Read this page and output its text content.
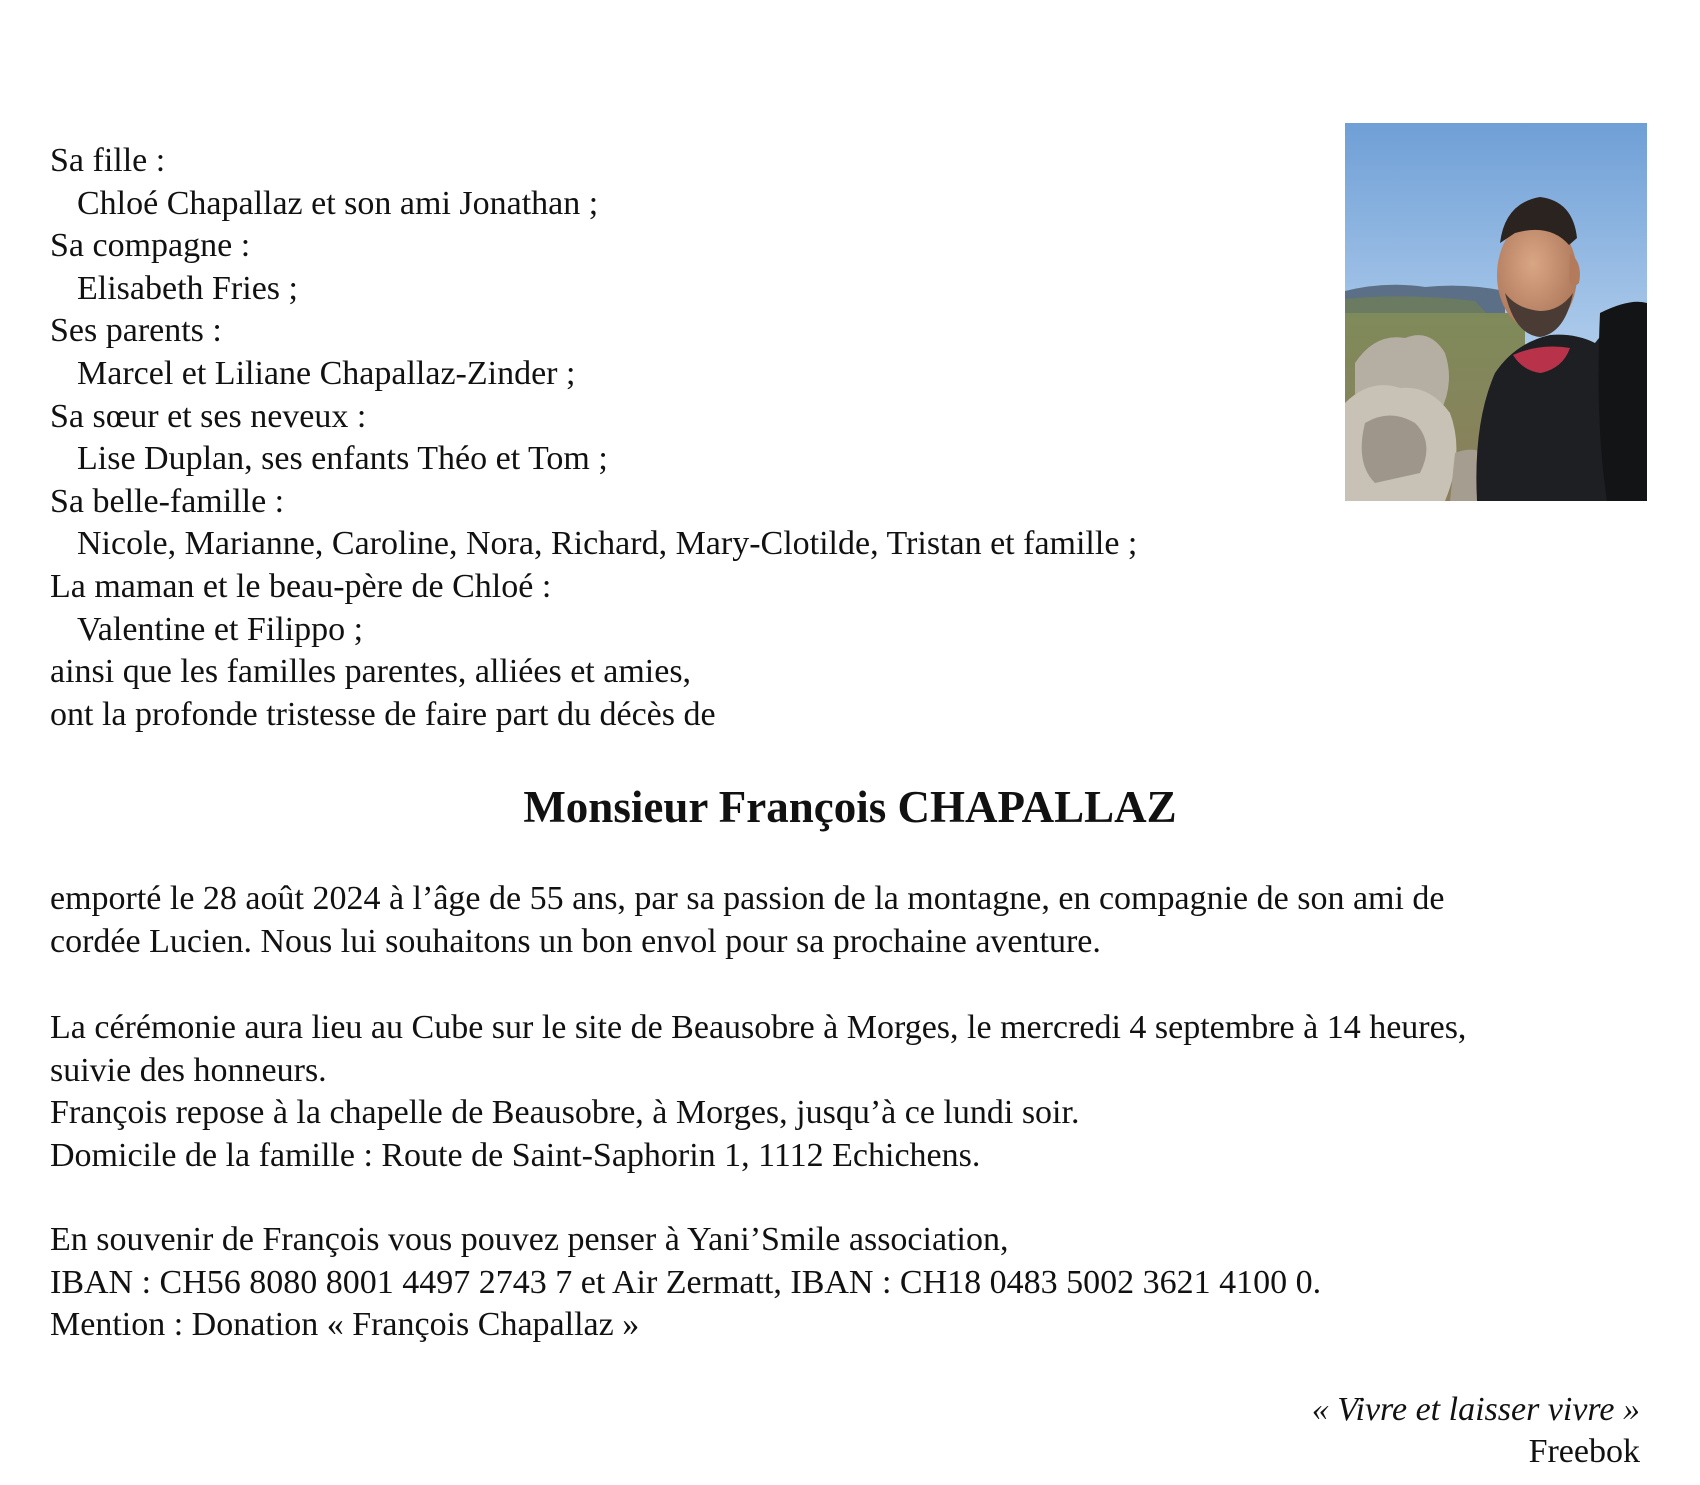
Sa fille :
Chloé Chapallaz et son ami Jonathan ;
Sa compagne :
Elisabeth Fries ;
Ses parents :
Marcel et Liliane Chapallaz-Zinder ;
Sa sœur et ses neveux :
Lise Duplan, ses enfants Théo et Tom ;
Sa belle-famille :
Nicole, Marianne, Caroline, Nora, Richard, Mary-Clotilde, Tristan et famille ;
La maman et le beau-père de Chloé :
Valentine et Filippo ;
ainsi que les familles parentes, alliées et amies,
ont la profonde tristesse de faire part du décès de
Monsieur François CHAPALLAZ
emporté le 28 août 2024 à l’âge de 55 ans, par sa passion de la montagne, en compagnie de son ami de
cordée Lucien. Nous lui souhaitons un bon envol pour sa prochaine aventure.
La cérémonie aura lieu au Cube sur le site de Beausobre à Morges, le mercredi 4 septembre à 14 heures,
suivie des honneurs.
François repose à la chapelle de Beausobre, à Morges, jusqu’à ce lundi soir.
Domicile de la famille : Route de Saint-Saphorin 1, 1112 Echichens.
En souvenir de François vous pouvez penser à Yani’Smile association,
IBAN : CH56 8080 8001 4497 2743 7 et Air Zermatt, IBAN : CH18 0483 5002 3621 4100 0.
Mention : Donation « François Chapallaz »
« Vivre et laisser vivre »
Freebok
